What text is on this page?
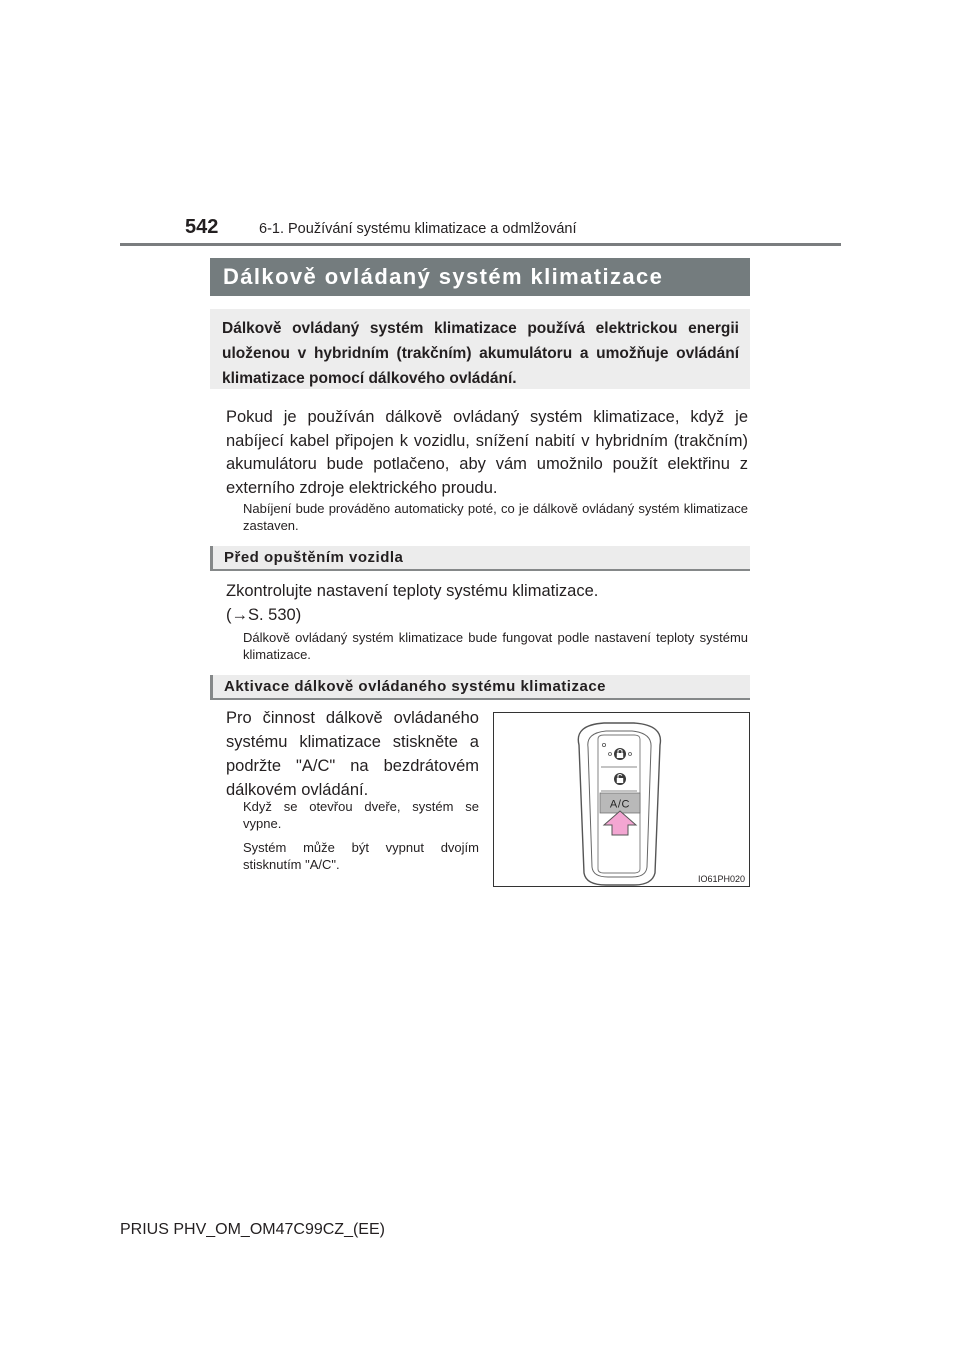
542	6-1. Používání systému klimatizace a odmlžování
Dálkově ovládaný systém klimatizace
Dálkově ovládaný systém klimatizace používá elektrickou energii uloženou v hybridním (trakčním) akumulátoru a umožňuje ovládání klimatizace pomocí dálkového ovládání.
Pokud je používán dálkově ovládaný systém klimatizace, když je nabíjecí kabel připojen k vozidlu, snížení nabití v hybridním (trakčním) akumulátoru bude potlačeno, aby vám umožnilo použít elektřinu z externího zdroje elektrického proudu.
Nabíjení bude prováděno automaticky poté, co je dálkově ovládaný systém klimatizace zastaven.
Před opuštěním vozidla
Zkontrolujte nastavení teploty systému klimatizace.
(→S. 530)
Dálkově ovládaný systém klimatizace bude fungovat podle nastavení teploty systému klimatizace.
Aktivace dálkově ovládaného systému klimatizace
Pro činnost dálkově ovládaného systému klimatizace stiskněte a podržte "A/C" na bezdrátovém dálkovém ovládání.
Když se otevřou dveře, systém se vypne.
Systém může být vypnut dvojím stisknutím "A/C".
A/C
IO61PH020
PRIUS PHV_OM_OM47C99CZ_(EE)
